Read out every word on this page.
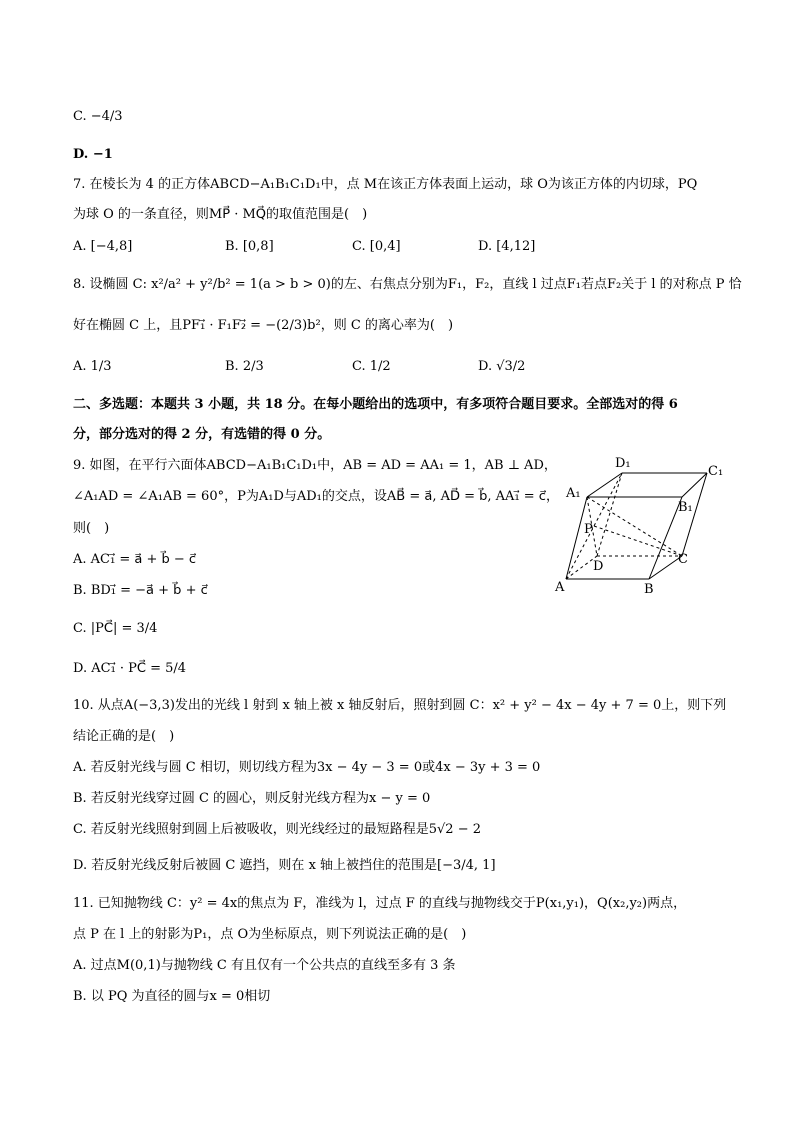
C. −4/3
D. −1
7. 在棱长为 4 的正方体ABCD−A₁B₁C₁D₁中，点 M在该正方体表面上运动，球 O为该正方体的内切球，PQ
为球 O 的一条直径，则MP⃗ · MQ⃗的取值范围是(　)
A. [−4,8]	B. [0,8]	C. [0,4]	D. [4,12]
8. 设椭圆 C: x²/a² + y²/b² = 1(a > b > 0)的左、右焦点分别为F₁，F₂，直线 l 过点F₁若点F₂关于 l 的对称点 P 恰
好在椭圆 C 上，且PF₁⃗ · F₁F₂⃗ = −(2/3)b²，则 C 的离心率为(　)
A. 1/3	B. 2/3	C. 1/2	D. √3/2
二、多选题：本题共 3 小题，共 18 分。在每小题给出的选项中，有多项符合题目要求。全部选对的得 6
分，部分选对的得 2 分，有选错的得 0 分。
9. 如图，在平行六面体ABCD−A₁B₁C₁D₁中，AB = AD = AA₁ = 1，AB ⊥ AD，
∠A₁AD = ∠A₁AB = 60°，P为A₁D与AD₁的交点，设AB⃗ = a⃗, AD⃗ = b⃗, AA₁⃗ = c⃗，
则(　)
A. AC₁⃗ = a⃗ + b⃗ − c⃗
B. BD₁⃗ = −a⃗ + b⃗ + c⃗
C. |PC⃗| = 3/4
D. AC₁⃗ · PC⃗ = 5/4
D₁
C₁
A₁
B₁
P
D	C
A	B
10. 从点A(−3,3)发出的光线 l 射到 x 轴上被 x 轴反射后，照射到圆 C：x² + y² − 4x − 4y + 7 = 0上，则下列
结论正确的是(　)
A. 若反射光线与圆 C 相切，则切线方程为3x − 4y − 3 = 0或4x − 3y + 3 = 0
B. 若反射光线穿过圆 C 的圆心，则反射光线方程为x − y = 0
C. 若反射光线照射到圆上后被吸收，则光线经过的最短路程是5√2 − 2
D. 若反射光线反射后被圆 C 遮挡，则在 x 轴上被挡住的范围是[−3/4, 1]
11. 已知抛物线 C：y² = 4x的焦点为 F，准线为 l，过点 F 的直线与抛物线交于P(x₁,y₁)，Q(x₂,y₂)两点，
点 P 在 l 上的射影为P₁，点 O为坐标原点，则下列说法正确的是(　)
A. 过点M(0,1)与抛物线 C 有且仅有一个公共点的直线至多有 3 条
B. 以 PQ 为直径的圆与x = 0相切
